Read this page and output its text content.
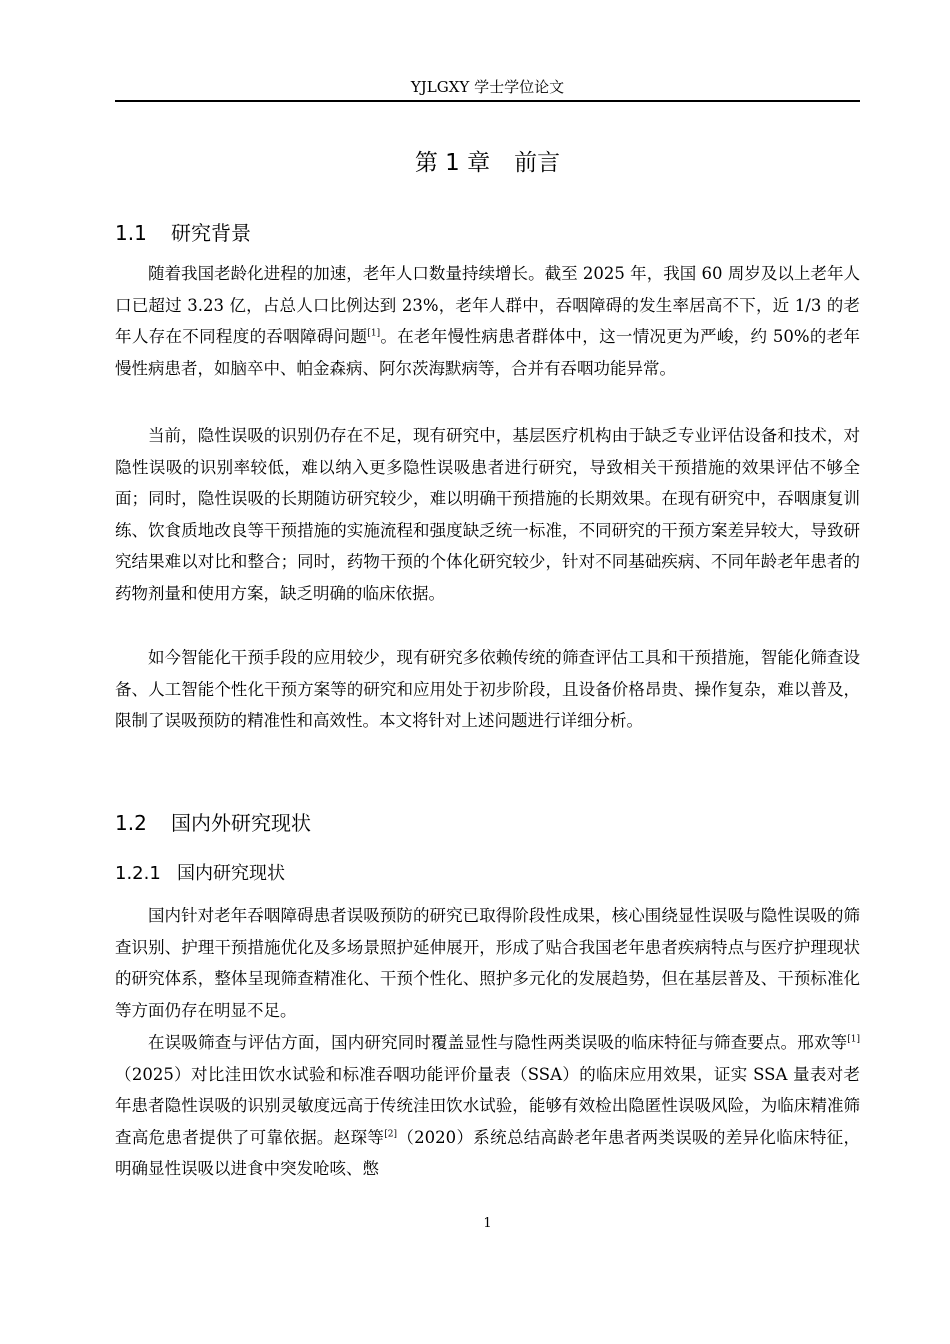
YJLGXY 学士学位论文
第 1 章 前言
1.1 研究背景

随着我国老龄化进程的加速，老年人口数量持续增长。截至 2025 年，我国 60 周岁及以上老年人口已超过 3.23 亿，占总人口比例达到 23%，老年人群中，吞咽障碍的发生率居高不下，近 1/3 的老年人存在不同程度的吞咽障碍问题[1]。在老年慢性病患者群体中，这一情况更为严峻，约 50%的老年慢性病患者，如脑卒中、帕金森病、阿尔茨海默病等，合并有吞咽功能异常。

当前，隐性误吸的识别仍存在不足，现有研究中，基层医疗机构由于缺乏专业评估设备和技术，对隐性误吸的识别率较低，难以纳入更多隐性误吸患者进行研究，导致相关干预措施的效果评估不够全面；同时，隐性误吸的长期随访研究较少，难以明确干预措施的长期效果。在现有研究中，吞咽康复训练、饮食质地改良等干预措施的实施流程和强度缺乏统一标准，不同研究的干预方案差异较大，导致研究结果难以对比和整合；同时，药物干预的个体化研究较少，针对不同基础疾病、不同年龄老年患者的药物剂量和使用方案，缺乏明确的临床依据。

如今智能化干预手段的应用较少，现有研究多依赖传统的筛查评估工具和干预措施，智能化筛查设备、人工智能个性化干预方案等的研究和应用处于初步阶段，且设备价格昂贵、操作复杂，难以普及，限制了误吸预防的精准性和高效性。本文将针对上述问题进行详细分析。

1.2 国内外研究现状
1.2.1 国内研究现状

国内针对老年吞咽障碍患者误吸预防的研究已取得阶段性成果，核心围绕显性误吸与隐性误吸的筛查识别、护理干预措施优化及多场景照护延伸展开，形成了贴合我国老年患者疾病特点与医疗护理现状的研究体系，整体呈现筛查精准化、干预个性化、照护多元化的发展趋势，但在基层普及、干预标准化等方面仍存在明显不足。

在误吸筛查与评估方面，国内研究同时覆盖显性与隐性两类误吸的临床特征与筛查要点。邢欢等[1]（2025）对比洼田饮水试验和标准吞咽功能评价量表（SSA）的临床应用效果，证实 SSA 量表对老年患者隐性误吸的识别灵敏度远高于传统洼田饮水试验，能够有效检出隐匿性误吸风险，为临床精准筛查高危患者提供了可靠依据。赵琛等[2]（2020）系统总结高龄老年患者两类误吸的差异化临床特征，明确显性误吸以进食中突发呛咳、憋

1
